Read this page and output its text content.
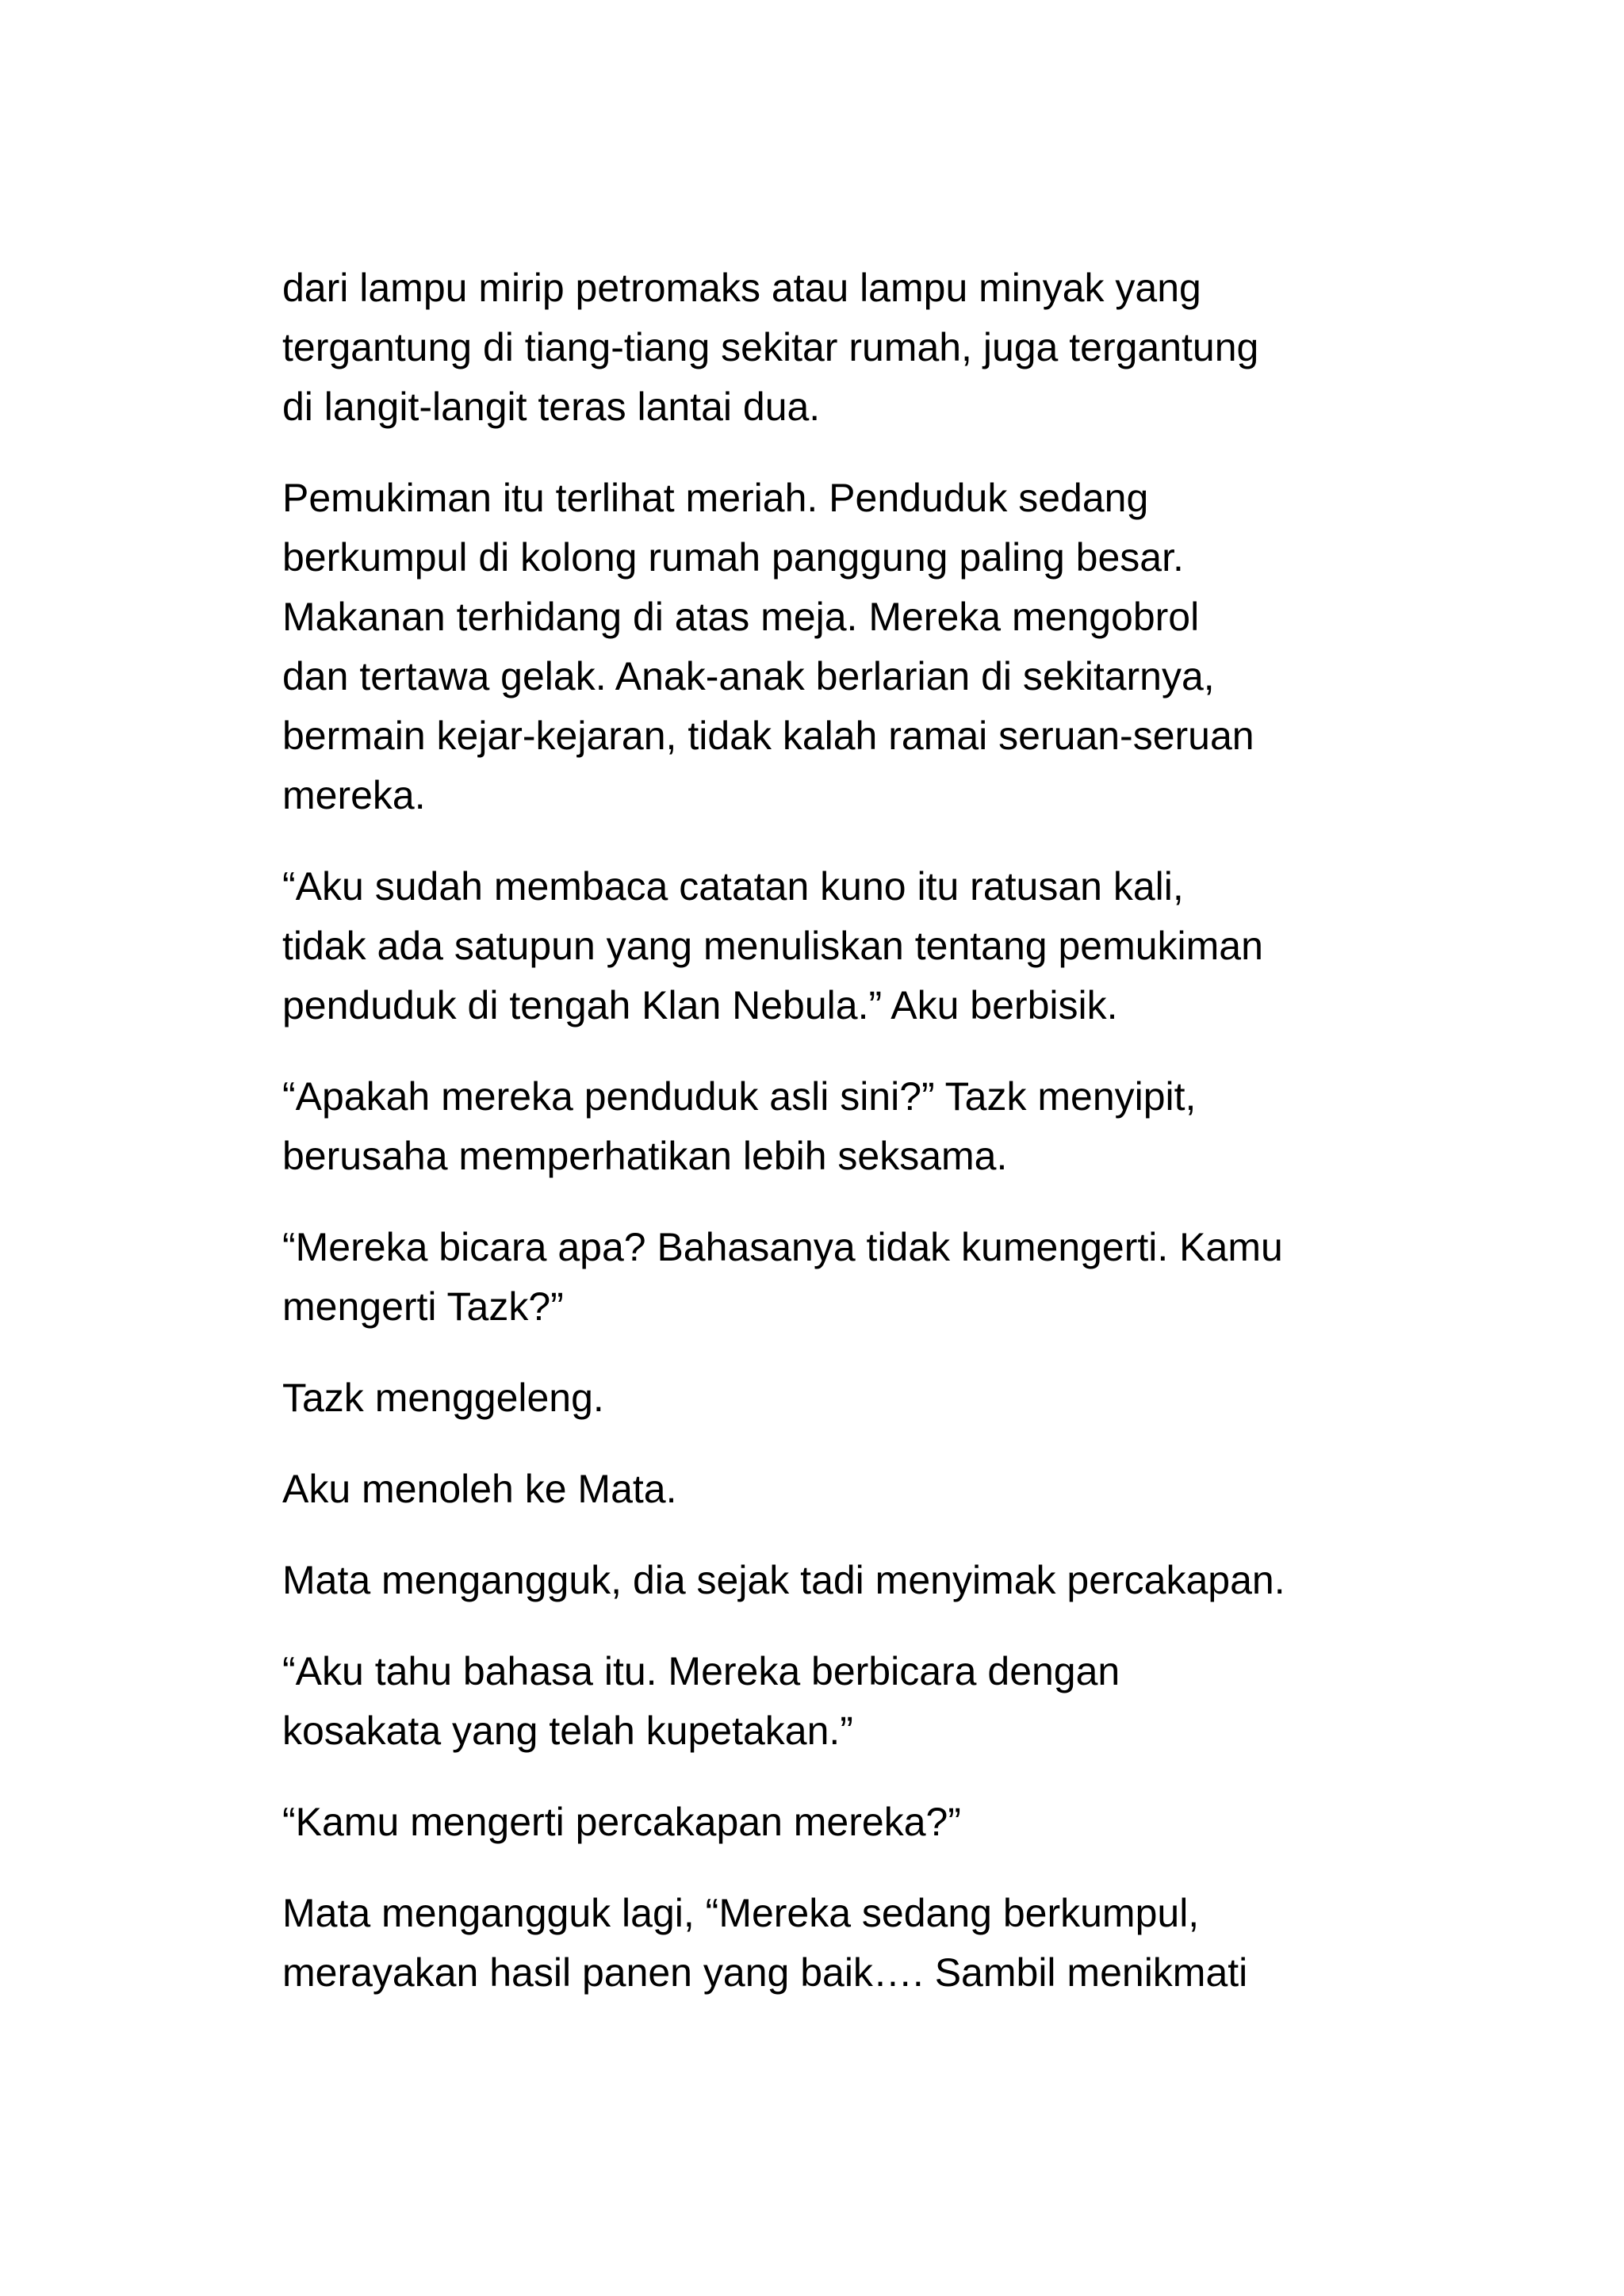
dari lampu mirip petromaks atau lampu minyak yang
tergantung di tiang-tiang sekitar rumah, juga tergantung
di langit-langit teras lantai dua.

Pemukiman itu terlihat meriah. Penduduk sedang
berkumpul di kolong rumah panggung paling besar.
Makanan terhidang di atas meja. Mereka mengobrol
dan tertawa gelak. Anak-anak berlarian di sekitarnya,
bermain kejar-kejaran, tidak kalah ramai seruan-seruan
mereka.

“Aku sudah membaca catatan kuno itu ratusan kali,
tidak ada satupun yang menuliskan tentang pemukiman
penduduk di tengah Klan Nebula.” Aku berbisik.

“Apakah mereka penduduk asli sini?” Tazk menyipit,
berusaha memperhatikan lebih seksama.

“Mereka bicara apa? Bahasanya tidak kumengerti. Kamu
mengerti Tazk?”

Tazk menggeleng.

Aku menoleh ke Mata.

Mata mengangguk, dia sejak tadi menyimak percakapan.

“Aku tahu bahasa itu. Mereka berbicara dengan
kosakata yang telah kupetakan.”

“Kamu mengerti percakapan mereka?”

Mata mengangguk lagi, “Mereka sedang berkumpul,
merayakan hasil panen yang baik…. Sambil menikmati
